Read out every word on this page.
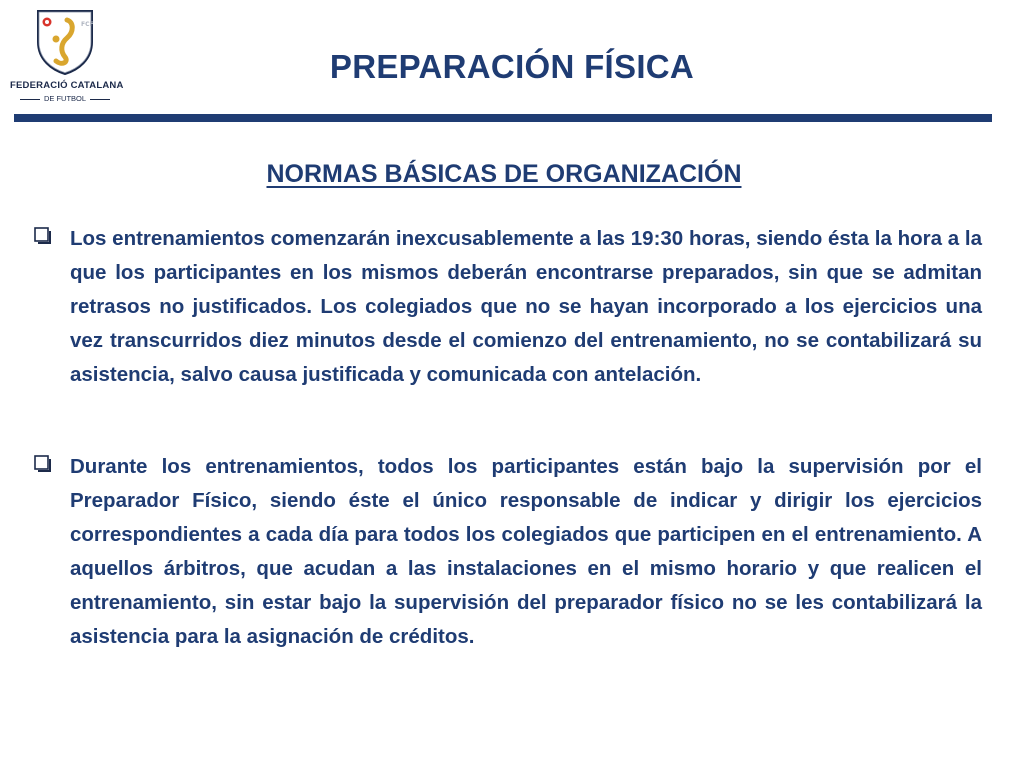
FCF
FEDERACIÓ CATALANA
DE FUTBOL
PREPARACIÓN FÍSICA
NORMAS BÁSICAS DE ORGANIZACIÓN

Los entrenamientos comenzarán inexcusablemente a las 19:30 horas, siendo ésta la hora a la que los participantes en los mismos deberán encontrarse preparados, sin que se admitan retrasos no justificados. Los colegiados que no se hayan incorporado a los ejercicios una vez transcurridos diez minutos desde el comienzo del entrenamiento, no se contabilizará su asistencia, salvo causa justificada y comunicada con antelación.

Durante los entrenamientos, todos los participantes están bajo la supervisión por el Preparador Físico, siendo éste el único responsable de indicar y dirigir los ejercicios correspondientes a cada día para todos los colegiados que participen en el entrenamiento. A aquellos árbitros, que acudan a las instalaciones en el mismo horario y que realicen el entrenamiento, sin estar bajo la supervisión del preparador físico no se les contabilizará la asistencia para la asignación de créditos.
